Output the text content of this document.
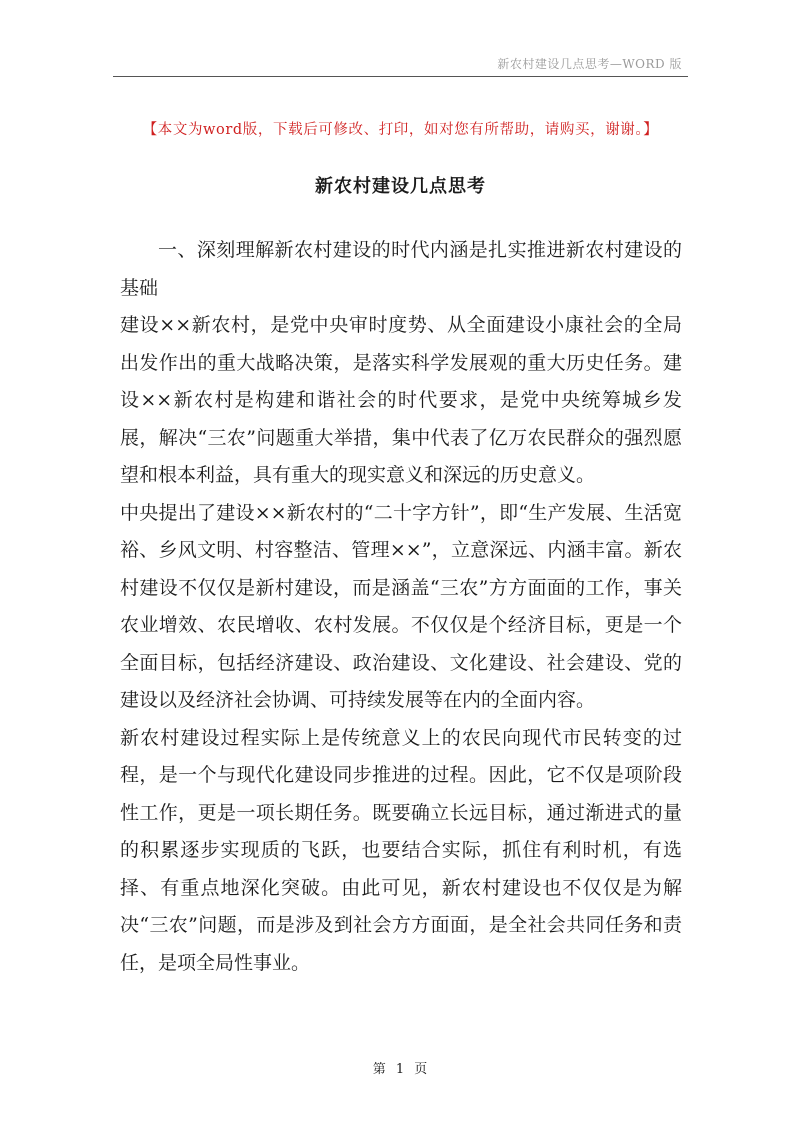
新农村建设几点思考—WORD 版
【本文为word版，下载后可修改、打印，如对您有所帮助，请购买，谢谢。】
新农村建设几点思考

一、深刻理解新农村建设的时代内涵是扎实推进新农村建设的基础

建设××新农村，是党中央审时度势、从全面建设小康社会的全局出发作出的重大战略决策，是落实科学发展观的重大历史任务。建设××新农村是构建和谐社会的时代要求，是党中央统筹城乡发展，解决“三农”问题重大举措，集中代表了亿万农民群众的强烈愿望和根本利益，具有重大的现实意义和深远的历史意义。

中央提出了建设××新农村的“二十字方针”，即“生产发展、生活宽裕、乡风文明、村容整洁、管理××”，立意深远、内涵丰富。新农村建设不仅仅是新村建设，而是涵盖“三农”方方面面的工作，事关农业增效、农民增收、农村发展。不仅仅是个经济目标，更是一个全面目标，包括经济建设、政治建设、文化建设、社会建设、党的建设以及经济社会协调、可持续发展等在内的全面内容。

新农村建设过程实际上是传统意义上的农民向现代市民转变的过程，是一个与现代化建设同步推进的过程。因此，它不仅是项阶段性工作，更是一项长期任务。既要确立长远目标，通过渐进式的量的积累逐步实现质的飞跃，也要结合实际，抓住有利时机，有选择、有重点地深化突破。由此可见，新农村建设也不仅仅是为解决“三农”问题，而是涉及到社会方方面面，是全社会共同任务和责任，是项全局性事业。

第 1 页
